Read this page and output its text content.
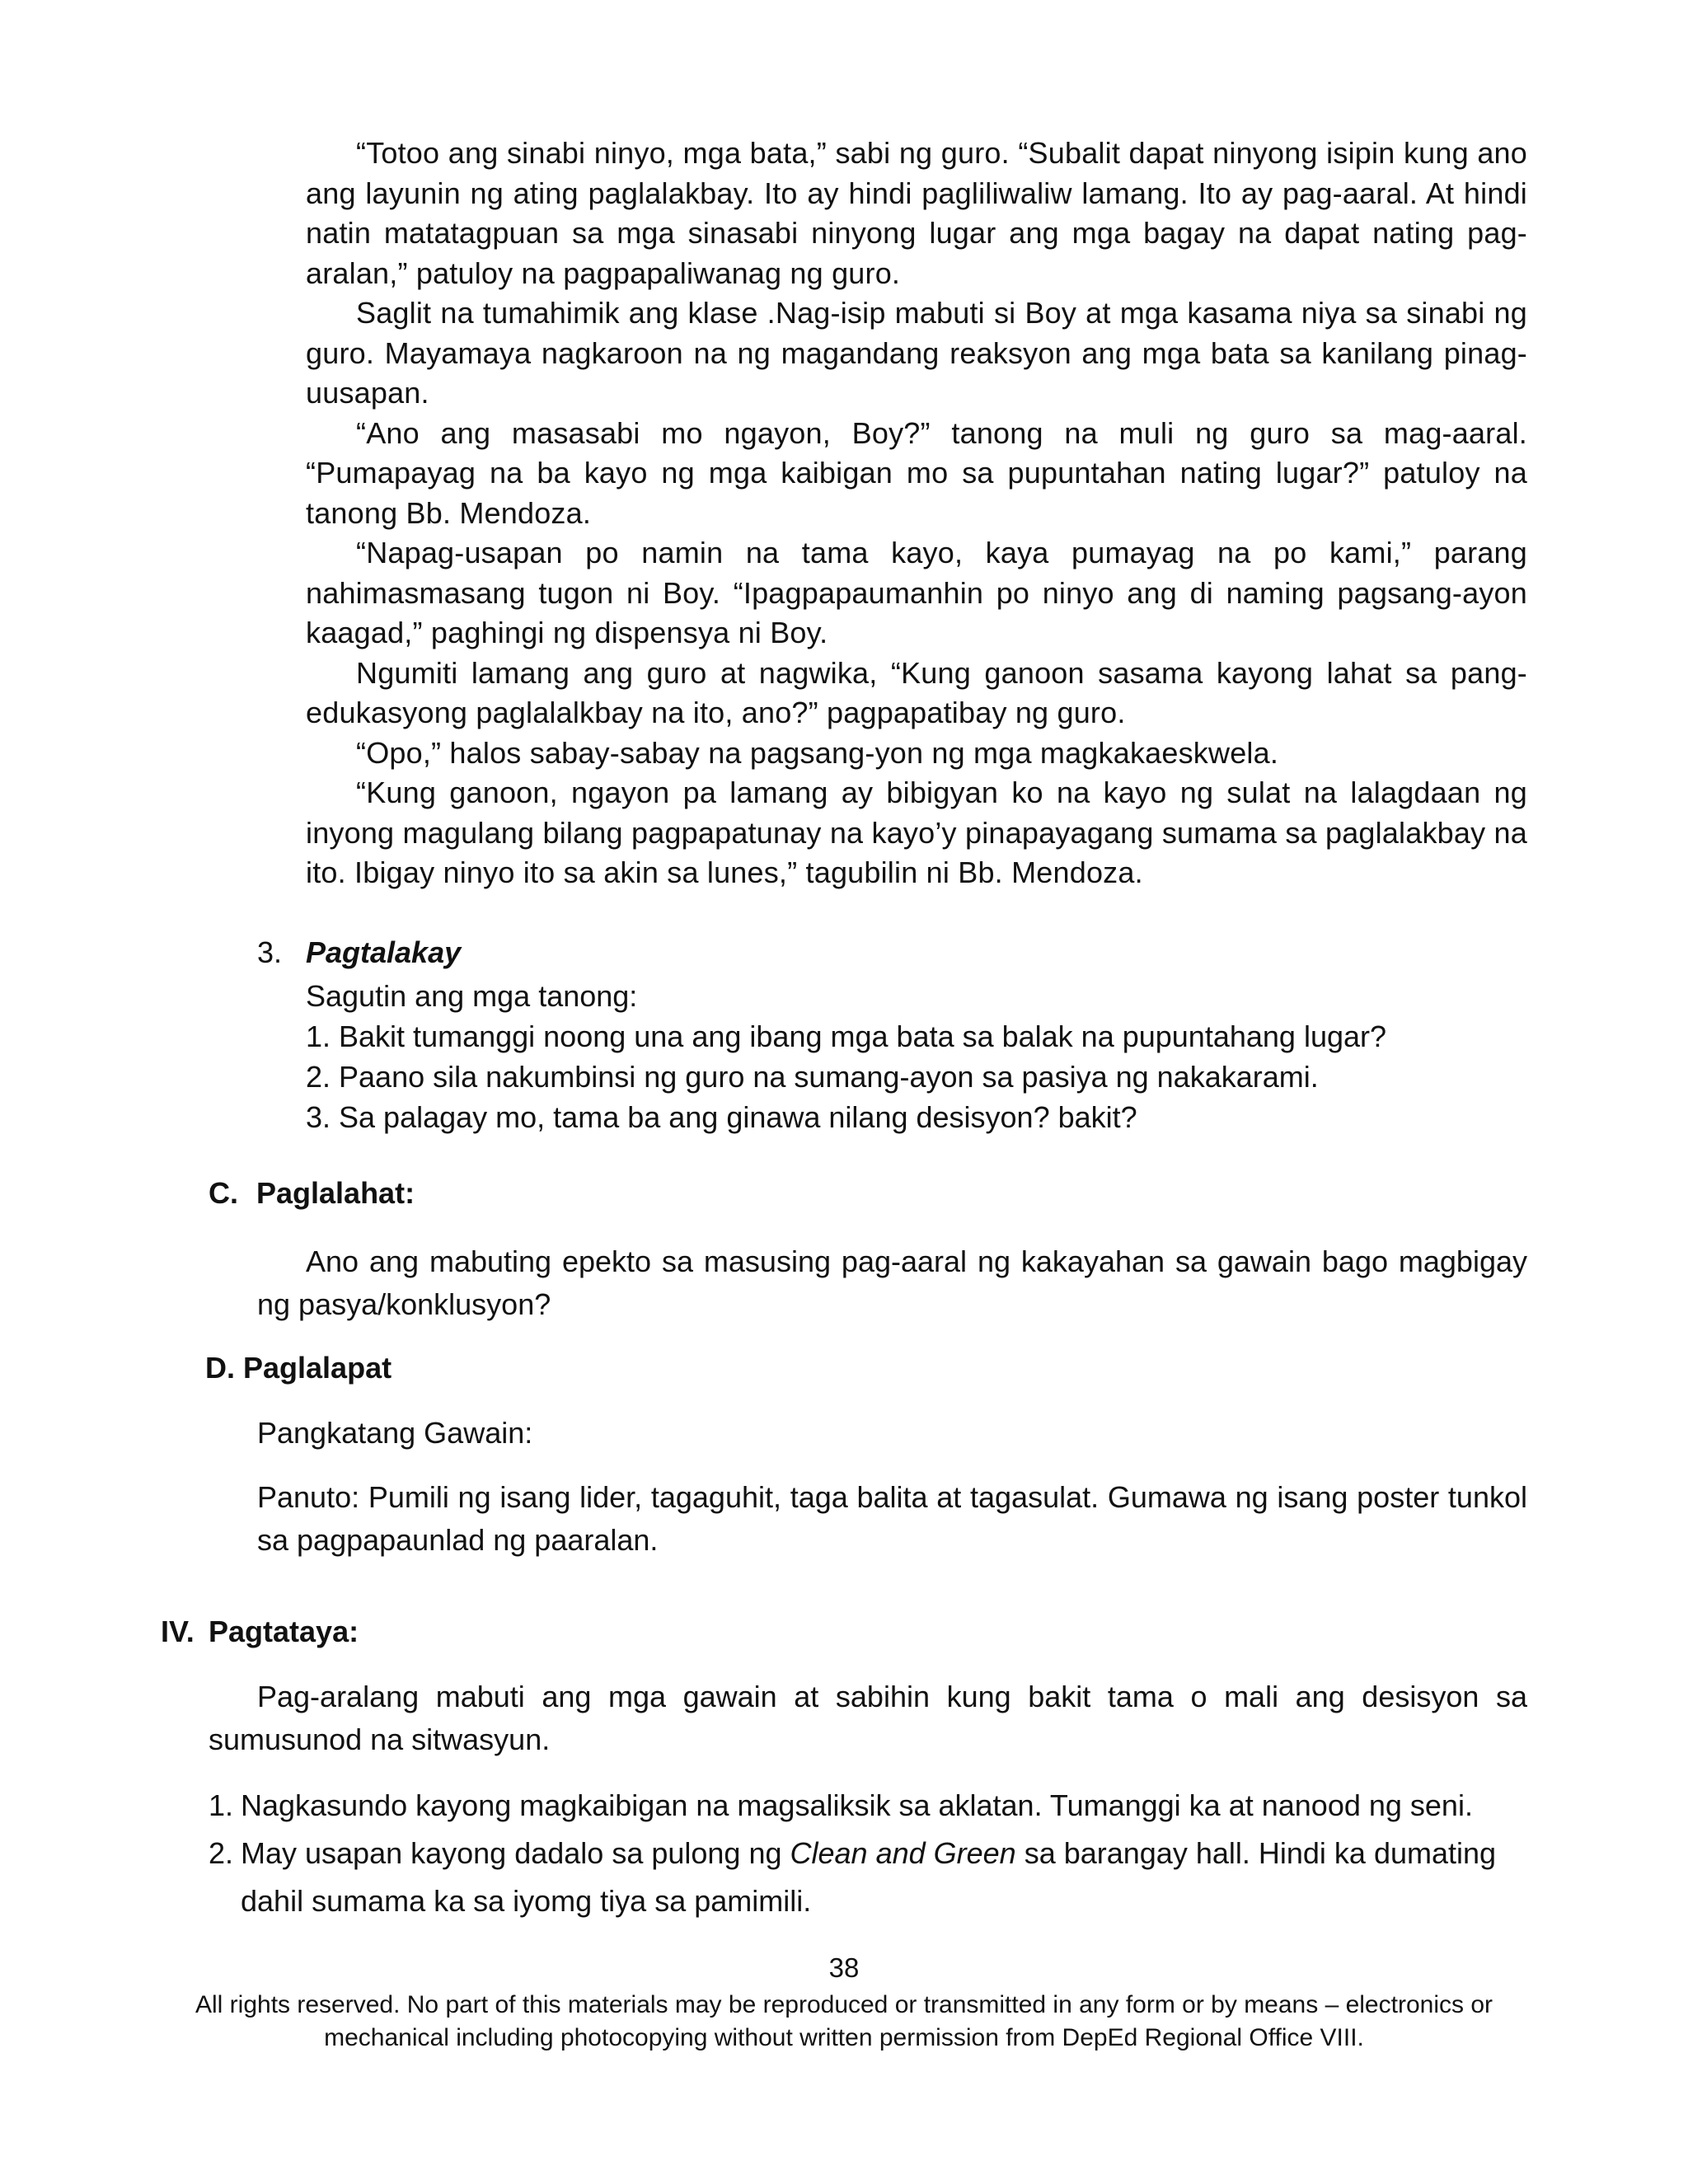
“Totoo ang sinabi ninyo, mga bata,” sabi ng guro. “Subalit dapat ninyong isipin kung ano ang layunin ng ating paglalakbay. Ito ay hindi pagliliwaliw lamang. Ito ay pag-aaral. At hindi natin matatagpuan sa mga sinasabi ninyong lugar ang mga bagay na dapat nating pag-aralan,” patuloy na pagpapaliwanag ng guro.

Saglit na tumahimik ang klase .Nag-isip mabuti si Boy at mga kasama niya sa sinabi ng guro. Mayamaya nagkaroon na ng magandang reaksyon ang mga bata sa kanilang pinag-uusapan.

“Ano ang masasabi mo ngayon, Boy?” tanong na muli ng guro sa mag-aaral. “Pumapayag na ba kayo ng mga kaibigan mo sa pupuntahan nating lugar?” patuloy na tanong Bb. Mendoza.

“Napag-usapan po namin na tama kayo, kaya pumayag na po kami,” parang nahimasmasang tugon ni Boy. “Ipagpapaumanhin po ninyo ang di naming pagsang-ayon kaagad,” paghingi ng dispensya ni Boy.

Ngumiti lamang ang guro at nagwika, “Kung ganoon sasama kayong lahat sa pang-edukasyong paglalalkbay na ito, ano?” pagpapatibay ng guro.

“Opo,” halos sabay-sabay na pagsang-yon ng mga magkakaeskwela.

“Kung ganoon, ngayon pa lamang ay bibigyan ko na kayo ng sulat na lalagdaan ng inyong magulang bilang pagpapatunay na kayo’y pinapayagang sumama sa paglalakbay na ito. Ibigay ninyo ito sa akin sa lunes,” tagubilin ni Bb. Mendoza.

3. Pagtalakay
Sagutin ang mga tanong:
1. Bakit tumanggi noong una ang ibang mga bata sa balak na pupuntahang lugar?
2. Paano sila nakumbinsi ng guro na sumang-ayon sa pasiya ng nakakarami.
3. Sa palagay mo, tama ba ang ginawa nilang desisyon? bakit?
C. Paglalahat:

Ano ang mabuting epekto sa masusing pag-aaral ng kakayahan sa gawain bago magbigay ng pasya/konklusyon?

D. Paglalapat
Pangkatang Gawain:

Panuto: Pumili ng isang lider, tagaguhit, taga balita at tagasulat. Gumawa ng isang poster tunkol sa pagpapaunlad ng paaralan.

IV. Pagtataya:

Pag-aralang mabuti ang mga gawain at sabihin kung bakit tama o mali ang desisyon sa sumusunod na sitwasyun.

1. Nagkasundo kayong magkaibigan na magsaliksik sa aklatan. Tumanggi ka at nanood ng seni.
2. May usapan kayong dadalo sa pulong ng Clean and Green sa barangay hall. Hindi ka dumating
dahil sumama ka sa iyomg tiya sa pamimili.
38
All rights reserved. No part of this materials may be reproduced or transmitted in any form or by means – electronics or
mechanical including photocopying without written permission from DepEd Regional Office VIII.
